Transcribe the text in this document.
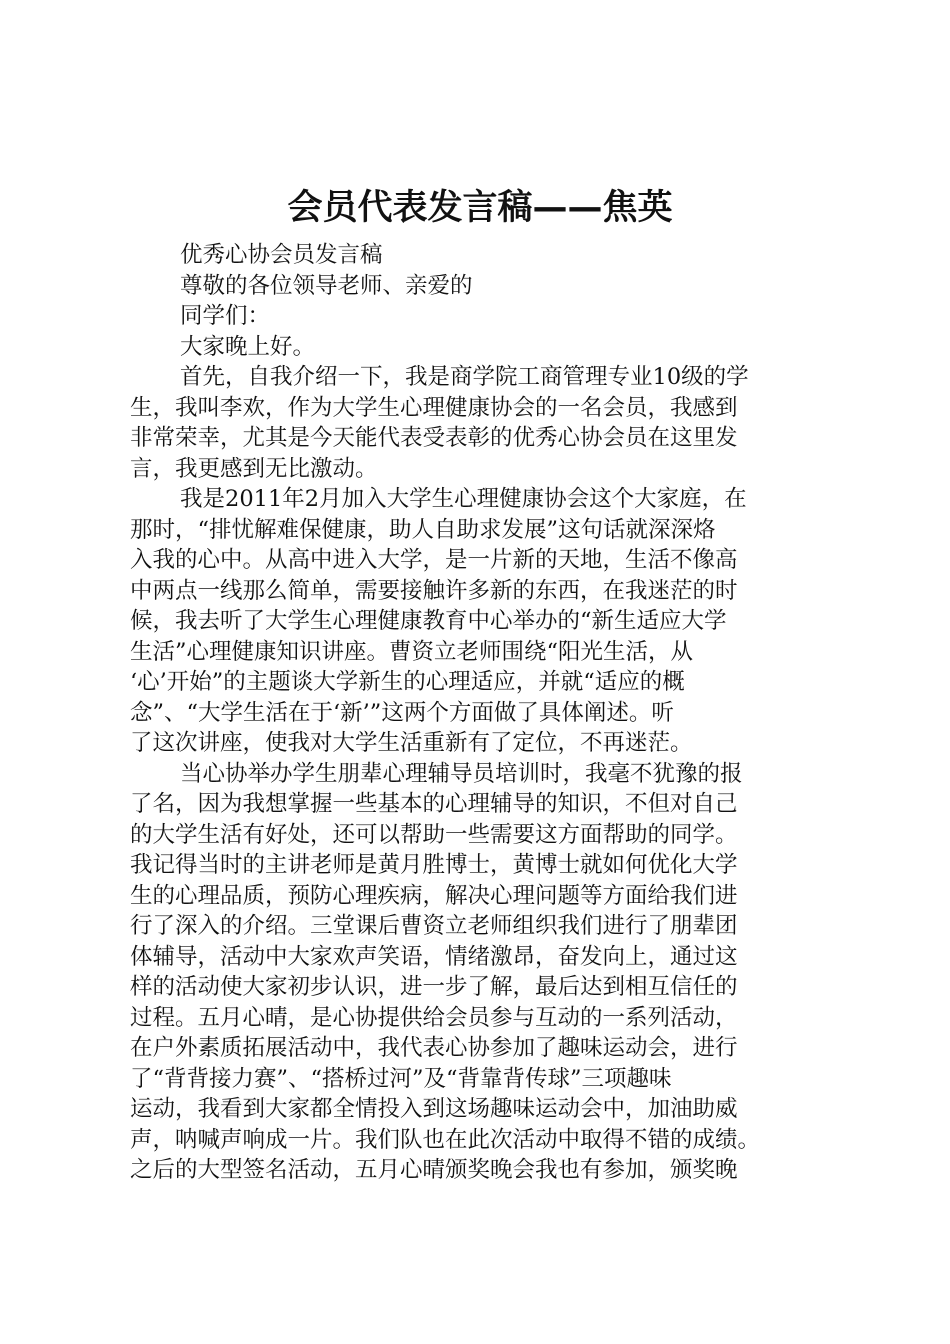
会员代表发言稿——焦英
优秀心协会员发言稿
尊敬的各位领导老师、亲爱的
同学们：
大家晚上好。

首先，自我介绍一下，我是商学院工商管理专业10级的学

生，我叫李欢，作为大学生心理健康协会的一名会员，我感到

非常荣幸，尤其是今天能代表受表彰的优秀心协会员在这里发

言，我更感到无比激动。

我是2011年2月加入大学生心理健康协会这个大家庭，在

那时，“排忧解难保健康，助人自助求发展”这句话就深深烙

入我的心中。从高中进入大学，是一片新的天地，生活不像高

中两点一线那么简单，需要接触许多新的东西，在我迷茫的时

候，我去听了大学生心理健康教育中心举办的“新生适应大学

生活”心理健康知识讲座。曹资立老师围绕“阳光生活，从

‘心’开始”的主题谈大学新生的心理适应，并就“适应的概

念”、“大学生活在于‘新’”这两个方面做了具体阐述。听

了这次讲座，使我对大学生活重新有了定位，不再迷茫。

当心协举办学生朋辈心理辅导员培训时，我毫不犹豫的报

了名，因为我想掌握一些基本的心理辅导的知识，不但对自己

的大学生活有好处，还可以帮助一些需要这方面帮助的同学。

我记得当时的主讲老师是黄月胜博士，黄博士就如何优化大学

生的心理品质，预防心理疾病，解决心理问题等方面给我们进

行了深入的介绍。三堂课后曹资立老师组织我们进行了朋辈团

体辅导，活动中大家欢声笑语，情绪激昂，奋发向上，通过这

样的活动使大家初步认识，进一步了解，最后达到相互信任的

过程。五月心晴，是心协提供给会员参与互动的一系列活动，

在户外素质拓展活动中，我代表心协参加了趣味运动会，进行

了“背背接力赛”、“搭桥过河”及“背靠背传球”三项趣味

运动，我看到大家都全情投入到这场趣味运动会中，加油助威

声，呐喊声响成一片。我们队也在此次活动中取得不错的成绩。

之后的大型签名活动，五月心晴颁奖晚会我也有参加，颁奖晚
